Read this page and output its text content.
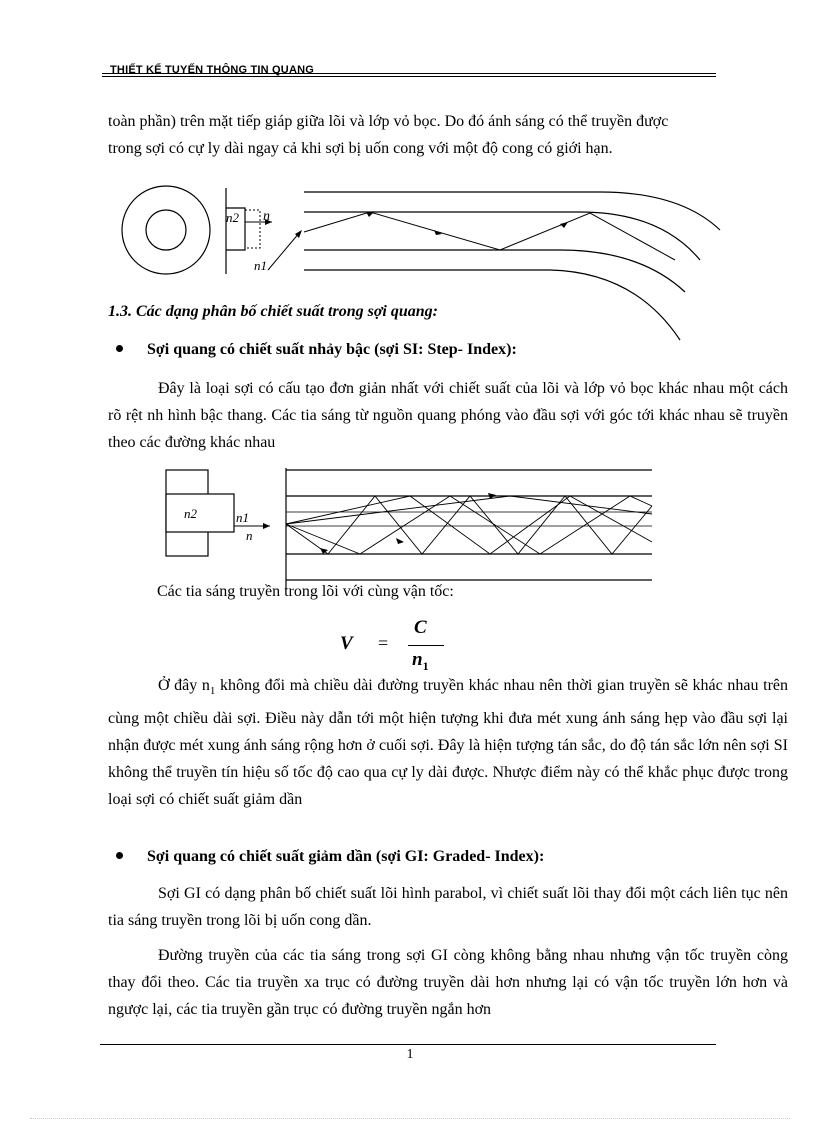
THIẾT KẾ TUYẾN THÔNG TIN QUANG
toàn phần) trên mặt tiếp giáp giữa lõi và lớp vỏ bọc. Do đó ánh sáng có thể truyền được
trong sợi có cự ly dài ngay cả khi sợi bị uốn cong với một độ cong có giới hạn.
n2 n
n1
1.3. Các dạng phân bố chiết suất trong sợi quang:
Sợi quang có chiết suất nhảy bậc (sợi SI: Step- Index):
Đây là loại sợi có cấu tạo đơn giản nhất với chiết suất của lõi và lớp vỏ bọc khác nhau một cách rõ rệt nh hình bậc thang. Các tia sáng từ nguồn quang phóng vào đầu sợi với góc tới khác nhau sẽ truyền theo các đường khác nhau
n2	n1
n
Các tia sáng truyền trong lõi với cùng vận tốc:
V =
C
$n_1$
Ở đây $n_1$ không đổi mà chiều dài đường truyền khác nhau nên thời gian truyền sẽ khác nhau trên cùng một chiều dài sợi. Điều này dẫn tới một hiện tượng khi đưa mét xung ánh sáng hẹp vào đầu sợi lại nhận được mét xung ánh sáng rộng hơn ở cuối sợi. Đây là hiện tượng tán sắc, do độ tán sắc lớn nên sợi SI không thể truyền tín hiệu số tốc độ cao qua cự ly dài được. Nhược điểm này có thể khắc phục được trong loại sợi có chiết suất giảm dần
Sợi quang có chiết suất giảm dần (sợi GI: Graded- Index):
Sợi GI có dạng phân bố chiết suất lõi hình parabol, vì chiết suất lõi thay đổi một cách liên tục nên tia sáng truyền trong lõi bị uốn cong dần.
Đường truyền của các tia sáng trong sợi GI còng không bằng nhau nhưng vận tốc truyền còng thay đổi theo. Các tia truyền xa trục có đường truyền dài hơn nhưng lại có vận tốc truyền lớn hơn và ngược lại, các tia truyền gần trục có đường truyền ngắn hơn
1
